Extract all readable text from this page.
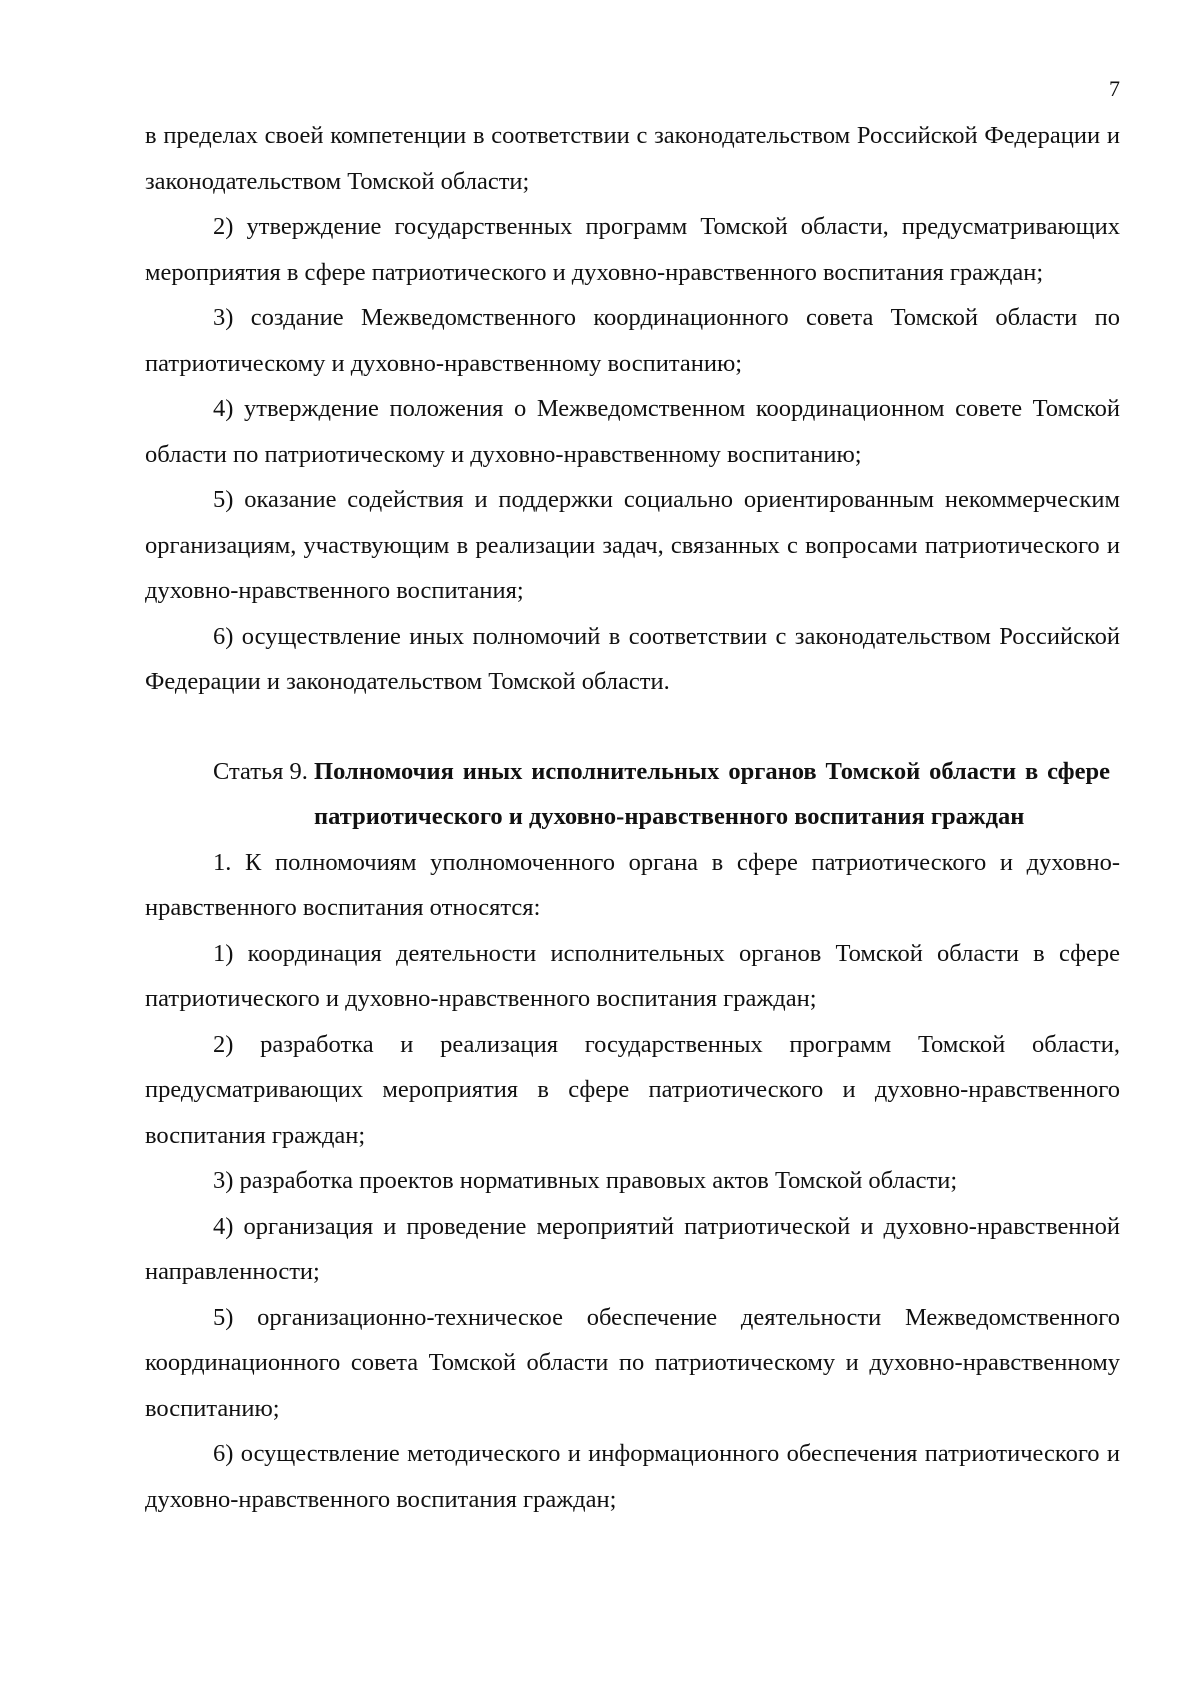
7

в пределах своей компетенции в соответствии с законодательством Российской Федерации и законодательством Томской области;

2) утверждение государственных программ Томской области, предусматривающих мероприятия в сфере патриотического и духовно-нравственного воспитания граждан;

3) создание Межведомственного координационного совета Томской области по патриотическому и духовно-нравственному воспитанию;

4) утверждение положения о Межведомственном координационном совете Томской области по патриотическому и духовно-нравственному воспитанию;

5) оказание содействия и поддержки социально ориентированным некоммерческим организациям, участвующим в реализации задач, связанных с вопросами патриотического и духовно-нравственного воспитания;

6) осуществление иных полномочий в соответствии с законодательством Российской Федерации и законодательством Томской области.

Статья 9. Полномочия иных исполнительных органов Томской области в сфере патриотического и духовно-нравственного воспитания граждан

1. К полномочиям уполномоченного органа в сфере патриотического и духовно-нравственного воспитания относятся:

1) координация деятельности исполнительных органов Томской области в сфере патриотического и духовно-нравственного воспитания граждан;

2) разработка и реализация государственных программ Томской области, предусматривающих мероприятия в сфере патриотического и духовно-нравственного воспитания граждан;

3) разработка проектов нормативных правовых актов Томской области;

4) организация и проведение мероприятий патриотической и духовно-нравственной направленности;

5) организационно-техническое обеспечение деятельности Межведомственного координационного совета Томской области по патриотическому и духовно-нравственному воспитанию;

6) осуществление методического и информационного обеспечения патриотического и духовно-нравственного воспитания граждан;
